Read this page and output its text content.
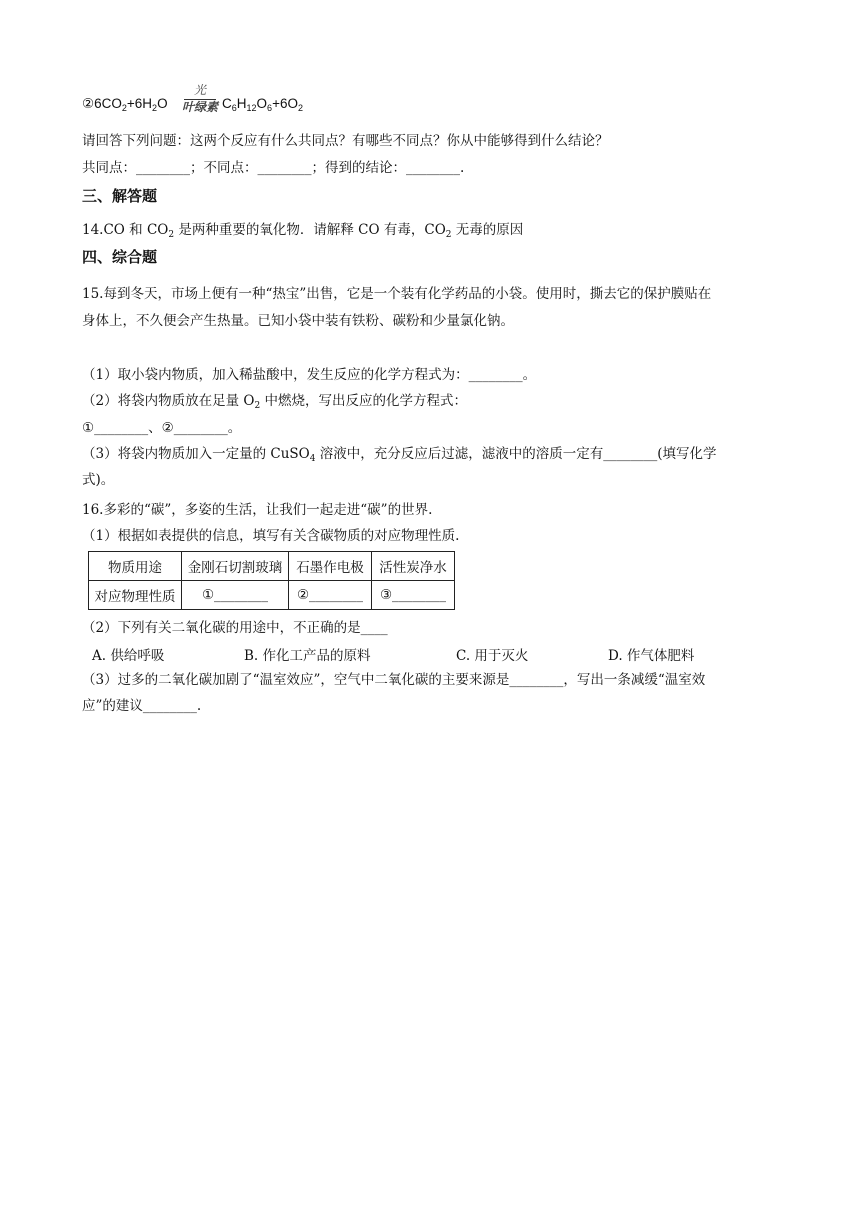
$②6CO_2+6H_2O$
光
叶绿素 $C_6H_{12}O_6+6O_2$
请回答下列问题：这两个反应有什么共同点？有哪些不同点？你从中能够得到什么结论？
共同点：________；不同点：________；得到的结论：________.
三、解答题
14.CO 和 $CO_2$ 是两种重要的氧化物．请解释 CO 有毒，$CO_2$ 无毒的原因
四、综合题
15.每到冬天，市场上便有一种“热宝”出售，它是一个装有化学药品的小袋。使用时，撕去它的保护膜贴在
身体上，不久便会产生热量。已知小袋中装有铁粉、碳粉和少量氯化钠。
（1）取小袋内物质，加入稀盐酸中，发生反应的化学方程式为：________。
（2）将袋内物质放在足量 $O_2$ 中燃烧，写出反应的化学方程式：
①________、②________。
（3）将袋内物质加入一定量的 CuSO$_4$ 溶液中，充分反应后过滤，滤液中的溶质一定有________(填写化学
式)。
16.多彩的“碳”，多姿的生活，让我们一起走进“碳”的世界.
（1）根据如表提供的信息，填写有关含碳物质的对应物理性质.
物质用途	金刚石切割玻璃	石墨作电极	活性炭净水
对应物理性质	①________	②________	③________
（2）下列有关二氧化碳的用途中，不正确的是____
A. 供给呼吸	B. 作化工产品的原料	C. 用于灭火	D. 作气体肥料
（3）过多的二氧化碳加剧了“温室效应”，空气中二氧化碳的主要来源是________，写出一条减缓“温室效
应”的建议________.
